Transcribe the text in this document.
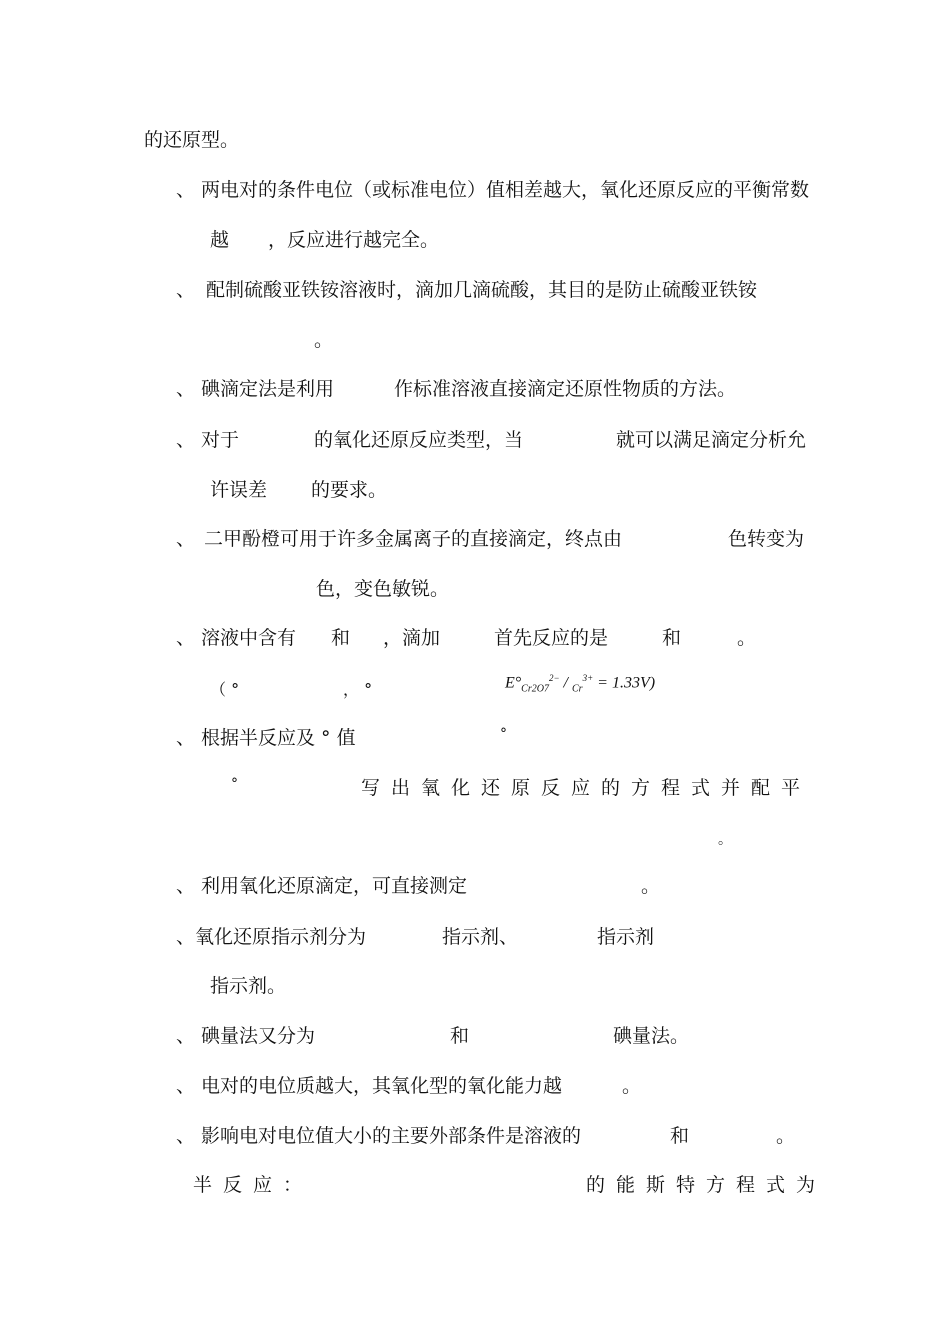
的还原型。
、 两电对的条件电位（或标准电位）值相差越大，氧化还原反应的平衡常数
越 ，反应进行越完全。
、 配制硫酸亚铁铵溶液时，滴加几滴硫酸，其目的是防止硫酸亚铁铵
。
、 碘滴定法是利用	作标准溶液直接滴定还原性物质的方法。
、 对于	的氧化还原反应类型，当	就可以满足滴定分析允
许误差 的要求。
、 二甲酚橙可用于许多金属离子的直接滴定，终点由	色转变为
色，变色敏锐。
、 溶液中含有 和 ，滴加	首先反应的是	和	。
（ °	， °	$E^\circ_{Cr2O7}^{2-} / _{Cr}^{3+} = 1.33V$)
、 根据半反应及 ° 值	°
°	写出氧化还原反应的方程式并配平
。
、 利用氧化还原滴定，可直接测定	。
、氧化还原指示剂分为	指示剂、	指示剂
指示剂。
、 碘量法又分为	和	碘量法。
、 电对的电位质越大，其氧化型的氧化能力越	。
、 影响电对电位值大小的主要外部条件是溶液的	和	。
半反应：	的能斯特方程式为
